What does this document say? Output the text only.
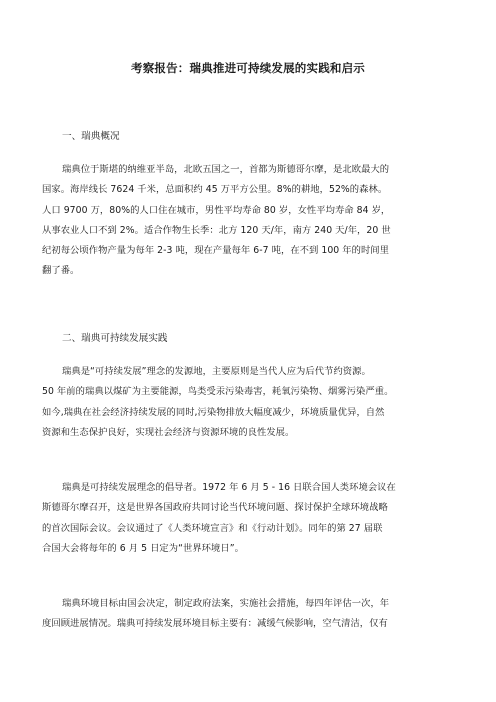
考察报告：瑞典推进可持续发展的实践和启示
一、瑞典概况

瑞典位于斯堪的纳维亚半岛，北欧五国之一，首都为斯德哥尔摩，是北欧最大的
国家。海岸线长 7624 千米，总面积约 45 万平方公里。8%的耕地，52%的森林。
人口 9700 万，80%的人口住在城市，男性平均寿命 80 岁，女性平均寿命 84 岁，
从事农业人口不到 2%。适合作物生长季：北方 120 天/年，南方 240 天/年，20 世
纪初每公顷作物产量为每年 2-3 吨，现在产量每年 6-7 吨，在不到 100 年的时间里
翻了番。

二、瑞典可持续发展实践

瑞典是“可持续发展”理念的发源地，主要原则是当代人应为后代节约资源。
50 年前的瑞典以煤矿为主要能源，鸟类受汞污染毒害，耗氧污染物、烟雾污染严重。
如今,瑞典在社会经济持续发展的同时,污染物排放大幅度减少，环境质量优异，自然
资源和生态保护良好，实现社会经济与资源环境的良性发展。

瑞典是可持续发展理念的倡导者。1972 年 6 月 5 - 16 日联合国人类环境会议在
斯德哥尔摩召开，这是世界各国政府共同讨论当代环境问题、探讨保护全球环境战略
的首次国际会议。会议通过了《人类环境宣言》和《行动计划》。同年的第 27 届联
合国大会将每年的 6 月 5 日定为“世界环境日”。

瑞典环境目标由国会决定，制定政府法案，实施社会措施，每四年评估一次，年
度回顾进展情况。瑞典可持续发展环境目标主要有：减缓气候影响，空气清洁，仅有
